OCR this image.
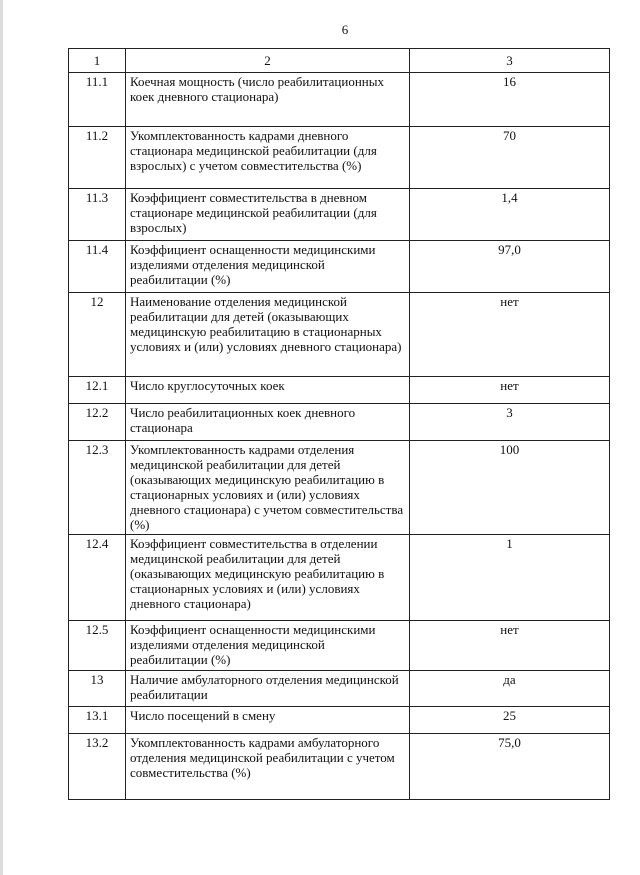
6
1	2	3
11.1	Коечная мощность (число реабилитационных коек дневного стационара)	16
11.2	Укомплектованность кадрами дневного стационара медицинской реабилитации (для взрослых) с учетом совместительства (%)	70
11.3	Коэффициент совместительства в дневном стационаре медицинской реабилитации (для взрослых)	1,4
11.4	Коэффициент оснащенности медицинскими изделиями отделения медицинской реабилитации (%)	97,0
12	Наименование отделения медицинской реабилитации для детей (оказывающих медицинскую реабилитацию в стационарных условиях и (или) условиях дневного стационара)	нет
12.1	Число круглосуточных коек	нет
12.2	Число реабилитационных коек дневного стационара	3
12.3	Укомплектованность кадрами отделения медицинской реабилитации для детей (оказывающих медицинскую реабилитацию в стационарных условиях и (или) условиях дневного стационара) с учетом совместительства (%)	100
12.4	Коэффициент совместительства в отделении медицинской реабилитации для детей (оказывающих медицинскую реабилитацию в стационарных условиях и (или) условиях дневного стационара)	1
12.5	Коэффициент оснащенности медицинскими изделиями отделения медицинской реабилитации (%)	нет
13	Наличие амбулаторного отделения медицинской реабилитации	да
13.1	Число посещений в смену	25
13.2	Укомплектованность кадрами амбулаторного отделения медицинской реабилитации с учетом совместительства (%)	75,0
